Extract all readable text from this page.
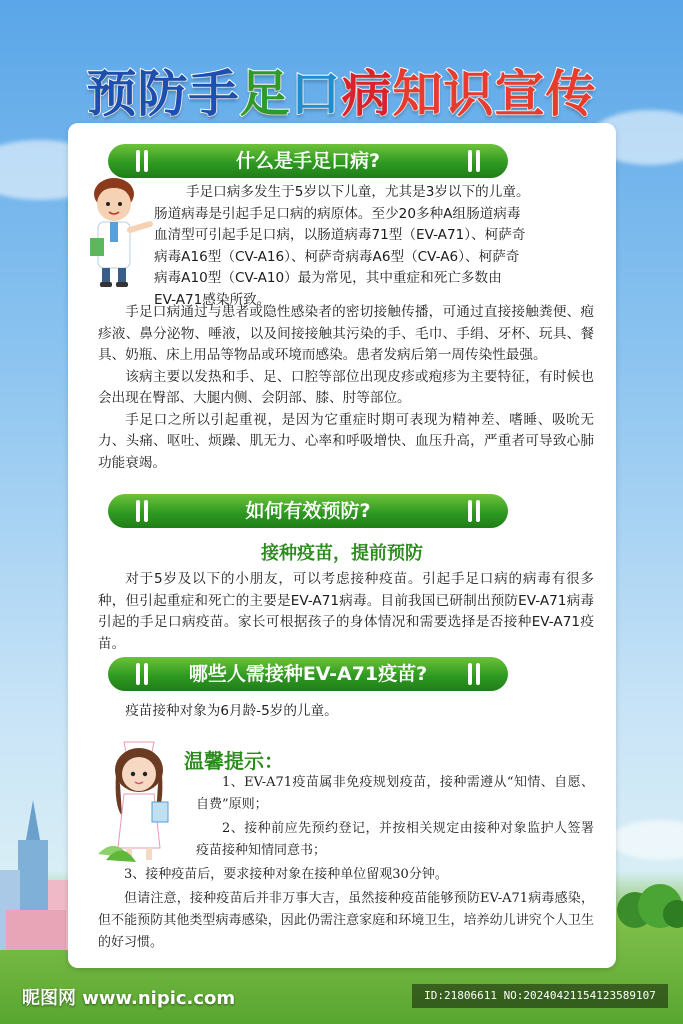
预防手足口病知识宣传
什么是手足口病?
手足口病多发生于5岁以下儿童，尤其是3岁以下的儿童。
肠道病毒是引起手足口病的病原体。至少20多种A组肠道病毒
血清型可引起手足口病，以肠道病毒71型（EV-A71）、柯萨奇
病毒A16型（CV-A16）、柯萨奇病毒A6型（CV-A6）、柯萨奇
病毒A10型（CV-A10）最为常见，其中重症和死亡多数由
EV-A71感染所致。

手足口病通过与患者或隐性感染者的密切接触传播，可通过直接接触粪便、疱疹液、鼻分泌物、唾液，以及间接接触其污染的手、毛巾、手绢、牙杯、玩具、餐具、奶瓶、床上用品等物品或环境而感染。患者发病后第一周传染性最强。

该病主要以发热和手、足、口腔等部位出现皮疹或疱疹为主要特征，有时候也会出现在臀部、大腿内侧、会阴部、膝、肘等部位。

手足口之所以引起重视，是因为它重症时期可表现为精神差、嗜睡、吸吮无力、头痛、呕吐、烦躁、肌无力、心率和呼吸增快、血压升高，严重者可导致心肺功能衰竭。

如何有效预防?
接种疫苗，提前预防

对于5岁及以下的小朋友，可以考虑接种疫苗。引起手足口病的病毒有很多种，但引起重症和死亡的主要是EV-A71病毒。目前我国已研制出预防EV-A71病毒引起的手足口病疫苗。家长可根据孩子的身体情况和需要选择是否接种EV-A71疫苗。

哪些人需接种EV-A71疫苗?

疫苗接种对象为6月龄-5岁的儿童。

温馨提示：

1、EV-A71疫苗属非免疫规划疫苗，接种需遵从“知情、自愿、自费”原则；

2、接种前应先预约登记，并按相关规定由接种对象监护人签署疫苗接种知情同意书；

3、接种疫苗后，要求接种对象在接种单位留观30分钟。

但请注意，接种疫苗后并非万事大吉，虽然接种疫苗能够预防EV-A71病毒感染，但不能预防其他类型病毒感染，因此仍需注意家庭和环境卫生，培养幼儿讲究个人卫生的好习惯。

昵图网 www.nipic.com	ID:21806611 NO:20240421154123589107
